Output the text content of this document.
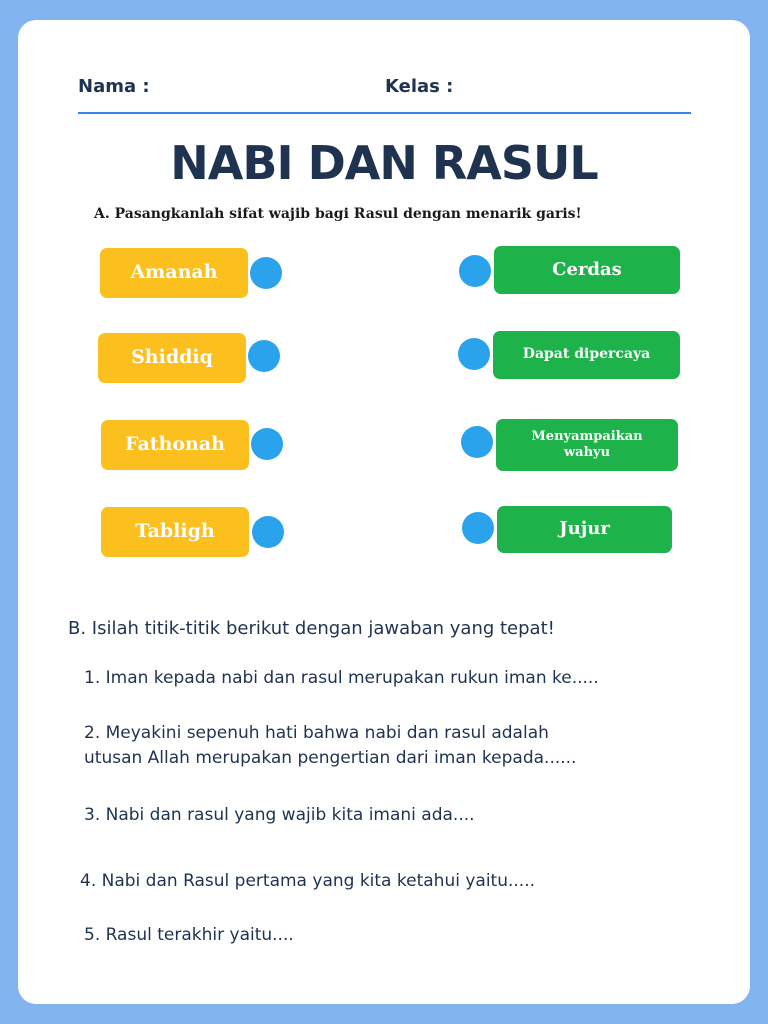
Nama :	Kelas :
NABI DAN RASUL
A. Pasangkanlah sifat wajib bagi Rasul dengan menarik garis!
Amanah
Shiddiq
Fathonah
Tabligh
Cerdas
Dapat dipercaya
Menyampaikan
wahyu
Jujur
B. Isilah titik-titik berikut dengan jawaban yang tepat!
1. Iman kepada nabi dan rasul merupakan rukun iman ke.....
2. Meyakini sepenuh hati bahwa nabi dan rasul adalah
utusan Allah merupakan pengertian dari iman kepada......
3. Nabi dan rasul yang wajib kita imani ada....
4. Nabi dan Rasul pertama yang kita ketahui yaitu.....
5. Rasul terakhir yaitu....
